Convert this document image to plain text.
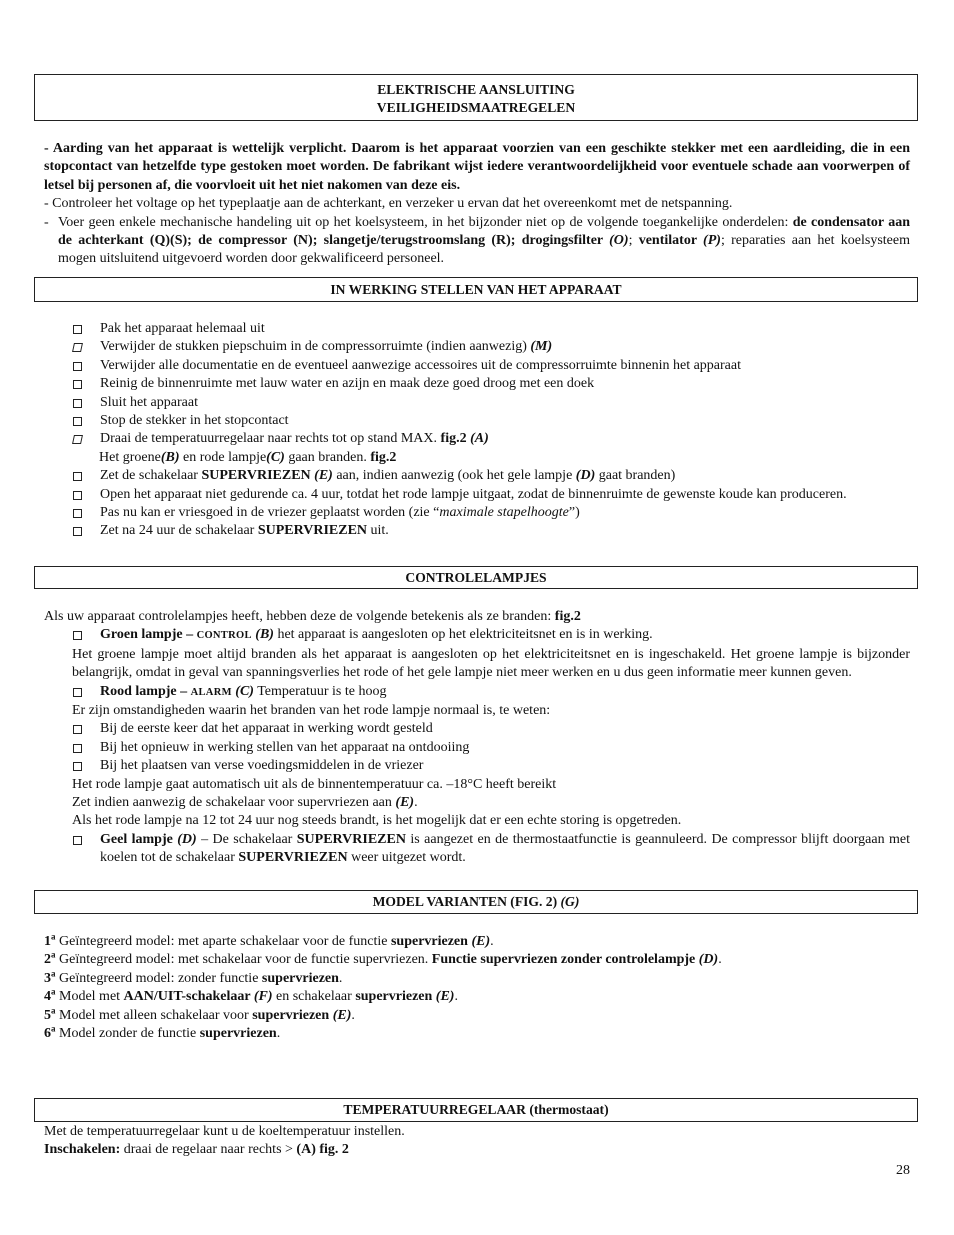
ELEKTRISCHE AANSLUITING
VEILIGHEIDSMAATREGELEN
- Aarding van het apparaat is wettelijk verplicht. Daarom is het apparaat voorzien van een geschikte stekker met een aardleiding, die in een stopcontact van hetzelfde type gestoken moet worden. De fabrikant wijst iedere verantwoordelijkheid voor eventuele schade aan voorwerpen of letsel bij personen af, die voorvloeit uit het niet nakomen van deze eis.
- Controleer het voltage op het typeplaatje aan de achterkant, en verzeker u ervan dat het overeenkomt met de netspanning.
- Voer geen enkele mechanische handeling uit op het koelsysteem, in het bijzonder niet op de volgende toegankelijke onderdelen: de condensator aan de achterkant (Q)(S); de compressor (N); slangetje/terugstroomslang (R); drogingsfilter (O); ventilator (P); reparaties aan het koelsysteem mogen uitsluitend uitgevoerd worden door gekwalificeerd personeel.
IN WERKING STELLEN VAN HET APPARAAT
Pak het apparaat helemaal uit
Verwijder de stukken piepschuim in de compressorruimte (indien aanwezig) (M)
Verwijder alle documentatie en de eventueel aanwezige accessoires uit de compressorruimte binnenin het apparaat
Reinig de binnenruimte met lauw water en azijn en maak deze goed droog met een doek
Sluit het apparaat
Stop de stekker in het stopcontact
Draai de temperatuurregelaar naar rechts tot op stand MAX. fig.2 (A)
Het groene(B) en rode lampje(C) gaan branden. fig.2
Zet de schakelaar SUPERVRIEZEN (E) aan, indien aanwezig (ook het gele lampje (D) gaat branden)
Open het apparaat niet gedurende ca. 4 uur, totdat het rode lampje uitgaat, zodat de binnenruimte de gewenste koude kan produceren.
Pas nu kan er vriesgoed in de vriezer geplaatst worden (zie “maximale stapelhoogte”)
Zet na 24 uur de schakelaar SUPERVRIEZEN uit.
CONTROLELAMPJES
Als uw apparaat controlelampjes heeft, hebben deze de volgende betekenis als ze branden: fig.2
Groen lampje – CONTROL (B) het apparaat is aangesloten op het elektriciteitsnet en is in werking.
Het groene lampje moet altijd branden als het apparaat is aangesloten op het elektriciteitsnet en is ingeschakeld. Het groene lampje is bijzonder belangrijk, omdat in geval van spanningsverlies het rode of het gele lampje niet meer werken en u dus geen informatie meer kunnen geven.
Rood lampje – ALARM (C) Temperatuur is te hoog
Er zijn omstandigheden waarin het branden van het rode lampje normaal is, te weten:
Bij de eerste keer dat het apparaat in werking wordt gesteld
Bij het opnieuw in werking stellen van het apparaat na ontdooiing
Bij het plaatsen van verse voedingsmiddelen in de vriezer
Het rode lampje gaat automatisch uit als de binnentemperatuur ca. –18°C heeft bereikt
Zet indien aanwezig de schakelaar voor supervriezen aan (E).
Als het rode lampje na 12 tot 24 uur nog steeds brandt, is het mogelijk dat er een echte storing is opgetreden.
Geel lampje (D) – De schakelaar SUPERVRIEZEN is aangezet en de thermostaatfunctie is geannuleerd. De compressor blijft doorgaan met koelen tot de schakelaar SUPERVRIEZEN weer uitgezet wordt.
MODEL VARIANTEN (FIG. 2) (G)
1$^a$ Geïntegreerd model: met aparte schakelaar voor de functie supervriezen (E).
2$^a$ Geïntegreerd model: met schakelaar voor de functie supervriezen. Functie supervriezen zonder controlelampje (D).
3$^a$ Geïntegreerd model: zonder functie supervriezen.
4$^a$ Model met AAN/UIT-schakelaar (F) en schakelaar supervriezen (E).
5$^a$ Model met alleen schakelaar voor supervriezen (E).
6$^a$ Model zonder de functie supervriezen.
TEMPERATUURREGELAAR (thermostaat)
Met de temperatuurregelaar kunt u de koeltemperatuur instellen.
Inschakelen: draai de regelaar naar rechts > (A) fig. 2
28
